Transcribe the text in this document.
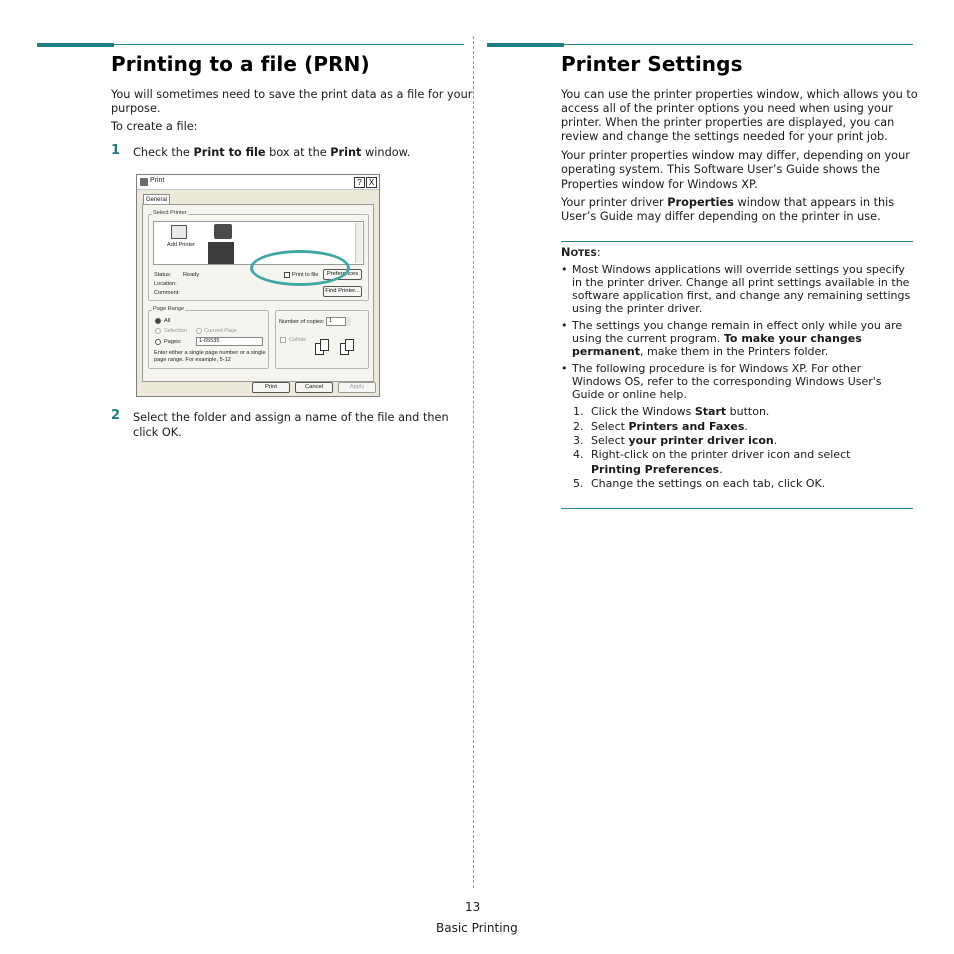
Printing to a file (PRN)
You will sometimes need to save the print data as a file for your
purpose.
To create a file:
1 Check the Print to file box at the Print window.
Print	? X
General
Select Printer
Add Printer
Status: Ready
Location:
Comment:
Print to file	Preferences
Find Printer...
Page Range
All
Selection	Current Page
Pages:	1-65535
Enter either a single page number or a single
page range. For example, 5-12
Number of copies: 1
Collate
Print	Cancel	Apply
2 Select the folder and assign a name of the file and then
click OK.
Printer Settings
You can use the printer properties window, which allows you to
access all of the printer options you need when using your
printer. When the printer properties are displayed, you can
review and change the settings needed for your print job.
Your printer properties window may differ, depending on your
operating system. This Software User’s Guide shows the
Properties window for Windows XP.
Your printer driver Properties window that appears in this
User’s Guide may differ depending on the printer in use.
NOTES:
• Most Windows applications will override settings you specify
in the printer driver. Change all print settings available in the
software application first, and change any remaining settings
using the printer driver.
• The settings you change remain in effect only while you are
using the current program. To make your changes
permanent, make them in the Printers folder.
• The following procedure is for Windows XP. For other
Windows OS, refer to the corresponding Windows User's
Guide or online help.
1. Click the Windows Start button.
2. Select Printers and Faxes.
3. Select your printer driver icon.
4. Right-click on the printer driver icon and select
Printing Preferences.
5. Change the settings on each tab, click OK.
13
Basic Printing
